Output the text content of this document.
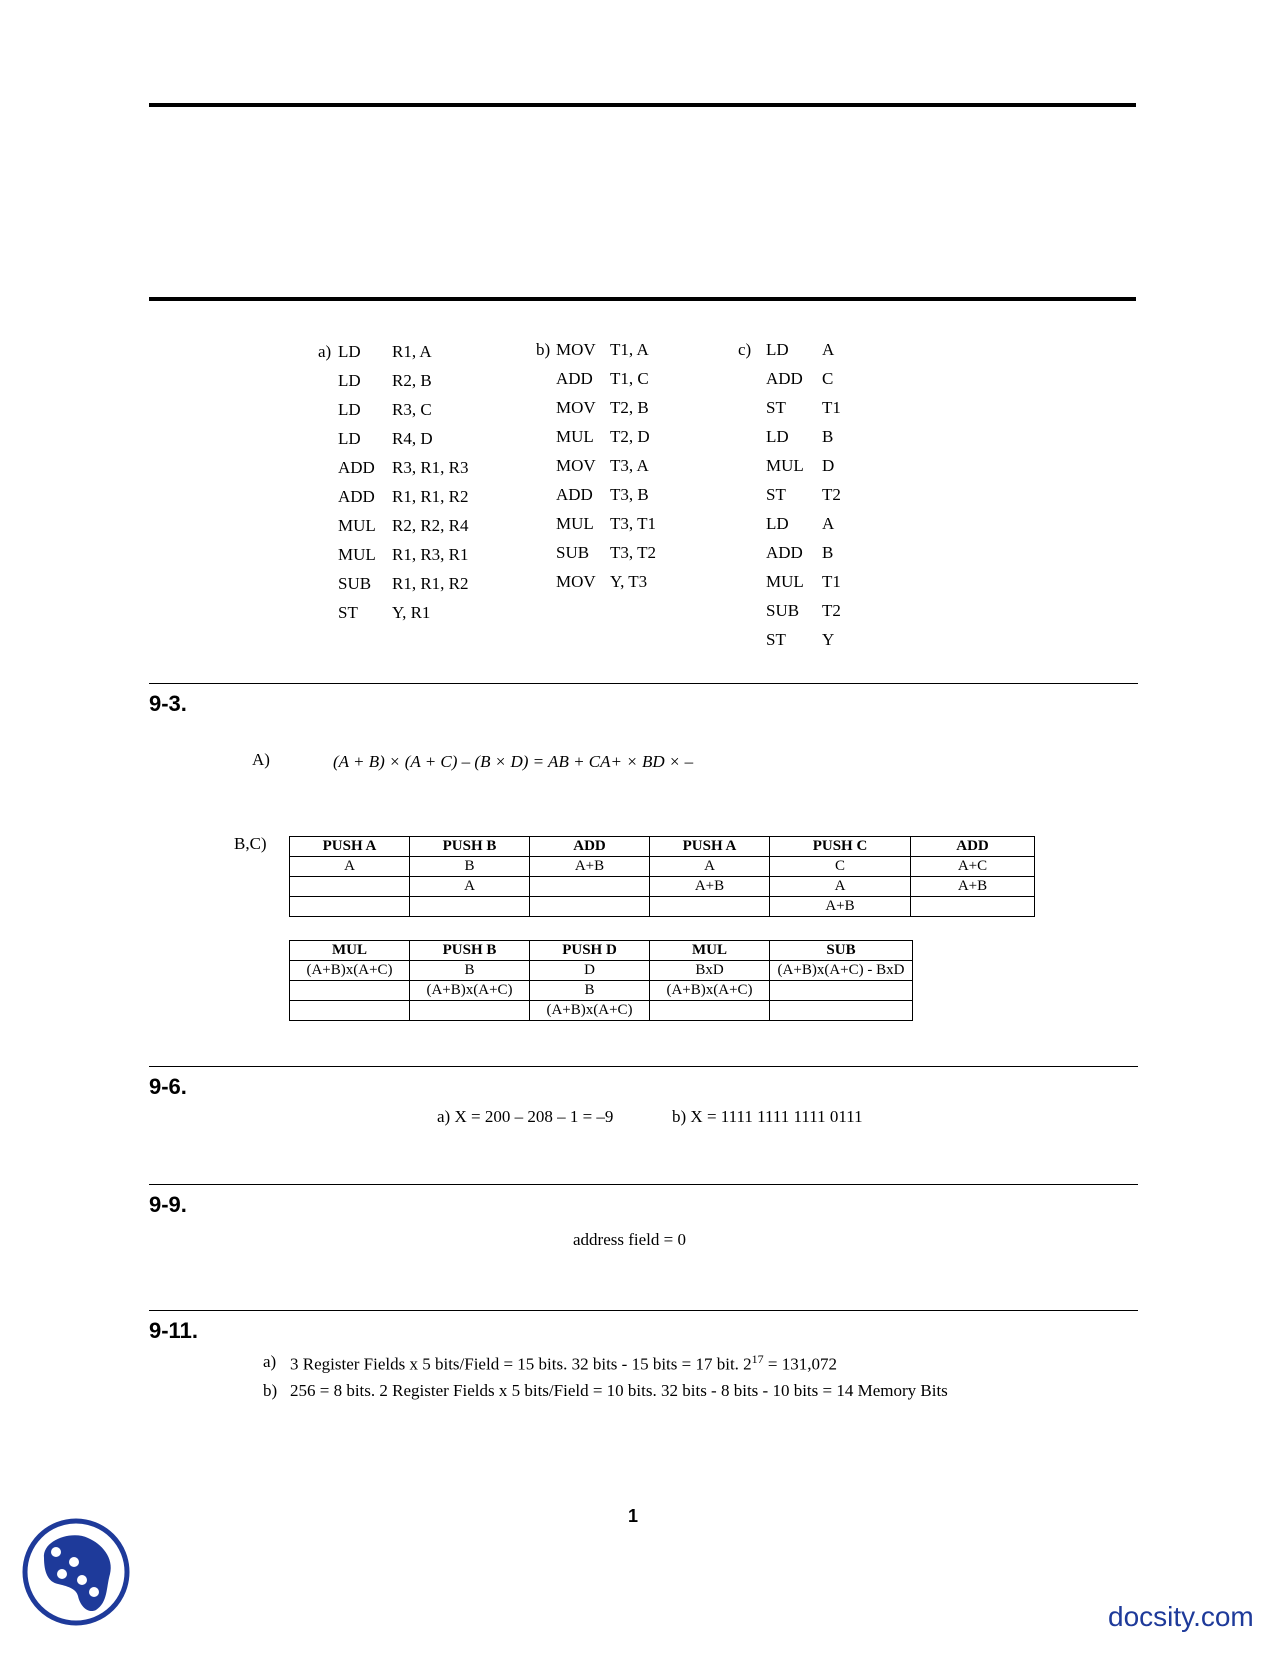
a) LD R1, A
LD R2, B
LD R3, C
LD R4, D
ADD R3, R1, R3
ADD R1, R1, R2
MUL R2, R2, R4
MUL R1, R3, R1
SUB R1, R1, R2
ST Y, R1
b) MOV T1, A
ADD T1, C
MOV T2, B
MUL T2, D
MOV T3, A
ADD T3, B
MUL T3, T1
SUB T3, T2
MOV Y, T3
c) LD A
ADD C
ST T1
LD B
MUL D
ST T2
LD A
ADD B
MUL T1
SUB T2
ST Y
9-3.
A)	(A + B) × (A + C) – (B × D) = AB + CA+ × BD × –
B,C)	PUSH A	PUSH B	ADD	PUSH A	PUSH C	ADD
A	B	A+B	A	C	A+C
	A		A+B	A	A+B
				A+B	
MUL	PUSH B	PUSH D	MUL	SUB
(A+B)x(A+C)	B	D	BxD	(A+B)x(A+C) - BxD
	(A+B)x(A+C)	B	(A+B)x(A+C)	
		(A+B)x(A+C)		
9-6.
a) X = 200 – 208 – 1 = –9	b) X = 1111 1111 1111 0111
9-9.
address field = 0
9-11.
a) 3 Register Fields x 5 bits/Field = 15 bits. 32 bits - 15 bits = 17 bit. $2^{17} = 131,072$
b) 256 = 8 bits. 2 Register Fields x 5 bits/Field = 10 bits. 32 bits - 8 bits - 10 bits = 14 Memory Bits
1
docsity.com
